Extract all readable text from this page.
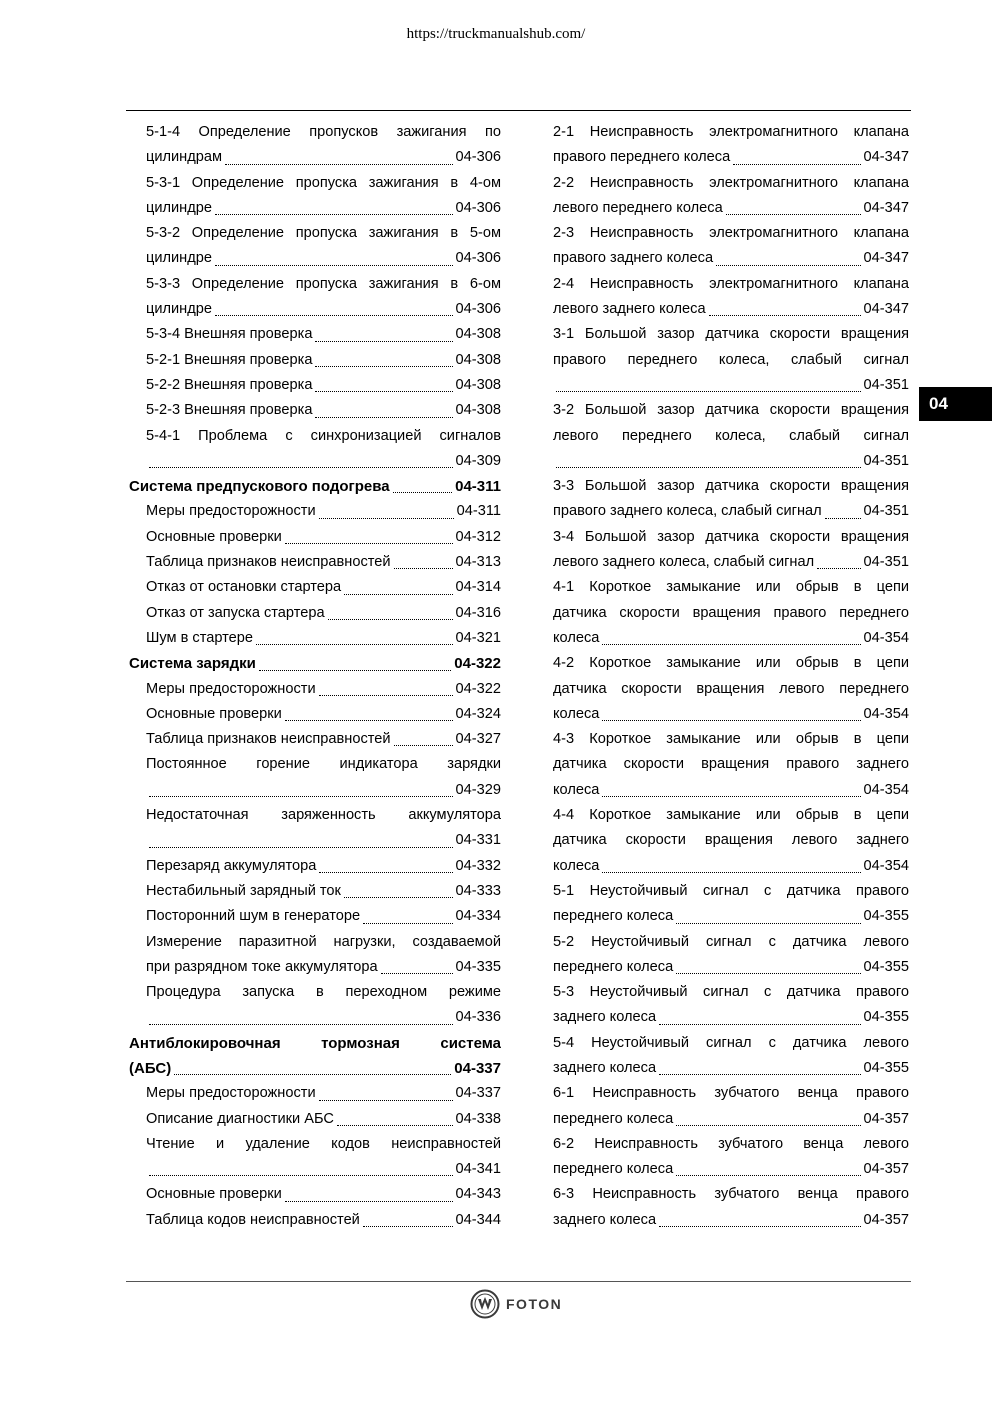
https://truckmanualshub.com/
5-1-4 Определение пропусков зажигания по
цилиндрам	04-306
5-3-1 Определение пропуска зажигания в 4-ом
цилиндре	04-306
5-3-2 Определение пропуска зажигания в 5-ом
цилиндре	04-306
5-3-3 Определение пропуска зажигания в 6-ом
цилиндре	04-306
5-3-4 Внешняя проверка	04-308
5-2-1 Внешняя проверка	04-308
5-2-2 Внешняя проверка	04-308
5-2-3 Внешняя проверка	04-308
5-4-1 Проблема с синхронизацией сигналов
04-309
Система предпускового подогрева	04-311
Меры предосторожности	04-311
Основные проверки	04-312
Таблица признаков неисправностей	04-313
Отказ от остановки стартера	04-314
Отказ от запуска стартера	04-316
Шум в стартере	04-321
Система зарядки	04-322
Меры предосторожности	04-322
Основные проверки	04-324
Таблица признаков неисправностей	04-327
Постоянное горение индикатора зарядки
04-329
Недостаточная заряженность аккумулятора
04-331
Перезаряд аккумулятора	04-332
Нестабильный зарядный ток	04-333
Посторонний шум в генераторе	04-334
Измерение паразитной нагрузки, создаваемой
при разрядном токе аккумулятора	04-335
Процедура запуска в переходном режиме
04-336
Антиблокировочная тормозная система
(АБС)	04-337
Меры предосторожности	04-337
Описание диагностики АБС	04-338
Чтение и удаление кодов неисправностей
04-341
Основные проверки	04-343
Таблица кодов неисправностей	04-344
2-1 Неисправность электромагнитного клапана
правого переднего колеса	04-347
2-2 Неисправность электромагнитного клапана
левого переднего колеса	04-347
2-3 Неисправность электромагнитного клапана
правого заднего колеса	04-347
2-4 Неисправность электромагнитного клапана
левого заднего колеса	04-347
3-1 Большой зазор датчика скорости вращения
правого переднего колеса, слабый сигнал
04-351
3-2 Большой зазор датчика скорости вращения
левого переднего колеса, слабый сигнал
04-351
3-3 Большой зазор датчика скорости вращения
правого заднего колеса, слабый сигнал	04-351
3-4 Большой зазор датчика скорости вращения
левого заднего колеса, слабый сигнал	04-351
4-1 Короткое замыкание или обрыв в цепи
датчика скорости вращения правого переднего
колеса	04-354
4-2 Короткое замыкание или обрыв в цепи
датчика скорости вращения левого переднего
колеса	04-354
4-3 Короткое замыкание или обрыв в цепи
датчика скорости вращения правого заднего
колеса	04-354
4-4 Короткое замыкание или обрыв в цепи
датчика скорости вращения левого заднего
колеса	04-354
5-1 Неустойчивый сигнал с датчика правого
переднего колеса	04-355
5-2 Неустойчивый сигнал с датчика левого
переднего колеса	04-355
5-3 Неустойчивый сигнал с датчика правого
заднего колеса	04-355
5-4 Неустойчивый сигнал с датчика левого
заднего колеса	04-355
6-1 Неисправность зубчатого венца правого
переднего колеса	04-357
6-2 Неисправность зубчатого венца левого
переднего колеса	04-357
6-3 Неисправность зубчатого венца правого
заднего колеса	04-357
04
FOTON
